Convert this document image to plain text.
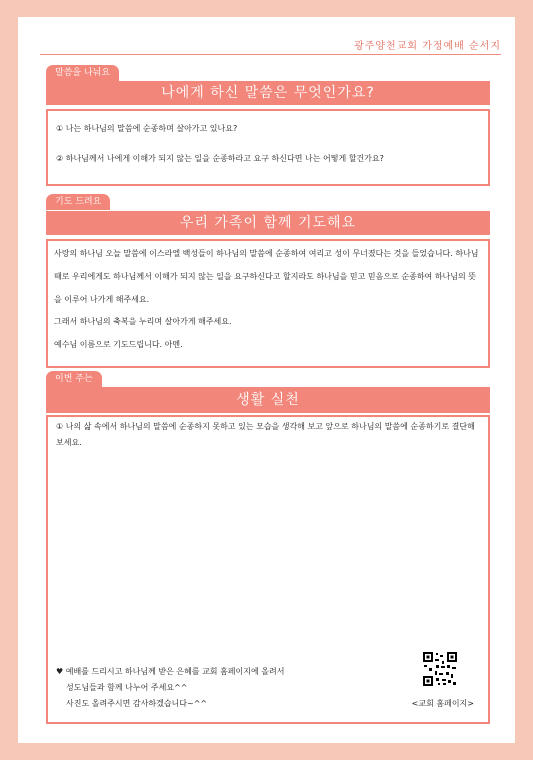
광주양천교회 가정예배 순서지
말씀을 나눠요
나에게 하신 말씀은 무엇인가요?
① 나는 하나님의 말씀에 순종하며 살아가고 있나요?
② 하나님께서 나에게 이해가 되지 않는 일을 순종하라고 요구 하신다면 나는 어떻게 할건가요?
기도 드려요
우리 가족이 함께 기도해요
사랑의 하나님 오늘 말씀에 이스라엘 백성들이 하나님의 말씀에 순종하여 여리고 성이 무너졌다는 것을 들었습니다. 하나님 때로 우리에게도 하나님께서 이해가 되지 않는 일을 요구하신다고 할지라도 하나님을 믿고 믿음으로 순종하여 하나님의 뜻을 이루어 나가게 해주세요.
그래서 하나님의 축복을 누리며 살아가게 해주세요.
예수님 이름으로 기도드립니다. 아멘.
이번 주는
생활 실천
① 나의 삶 속에서 하나님의 말씀에 순종하지 못하고 있는 모습을 생각해 보고 앞으로 하나님의 말씀에 순종하기로 결단해보세요.
♥ 예배를 드리시고 하나님께 받은 은혜를 교회 홈페이지에 올려서
성도님들과 함께 나누어 주세요^^
사진도 올려주시면 감사하겠습니다~^^	<교회 홈페이지>
